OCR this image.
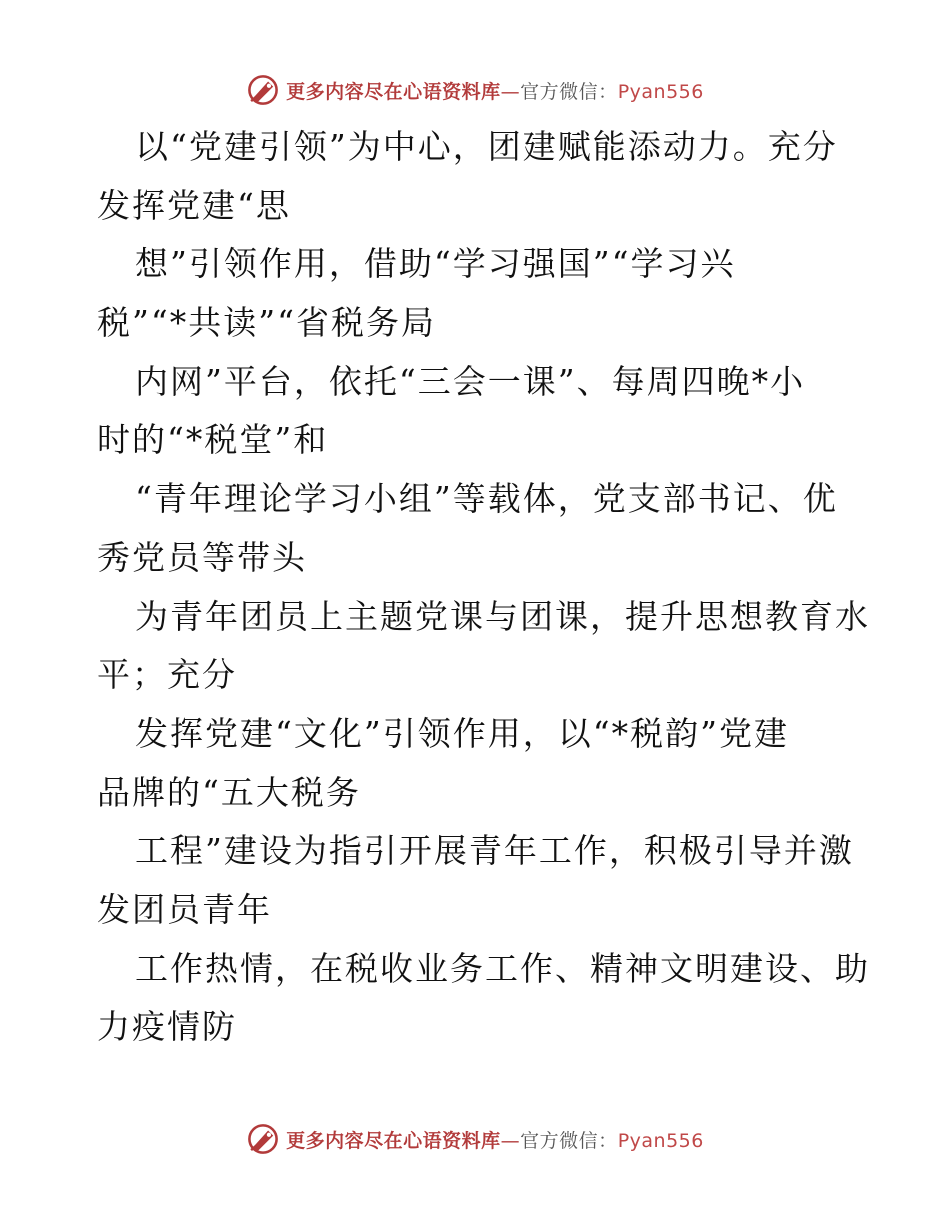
更多内容尽在心语资料库—官方微信：Pyan556
以“党建引领”为中心，团建赋能添动力。充分
发挥党建“思
想”引领作用，借助“学习强国”“学习兴
税”“*共读”“省税务局
内网”平台，依托“三会一课”、每周四晚*小
时的“*税堂”和
“青年理论学习小组”等载体，党支部书记、优
秀党员等带头
为青年团员上主题党课与团课，提升思想教育水
平；充分
发挥党建“文化”引领作用，以“*税韵”党建
品牌的“五大税务
工程”建设为指引开展青年工作，积极引导并激
发团员青年
工作热情，在税收业务工作、精神文明建设、助
力疫情防
更多内容尽在心语资料库—官方微信：Pyan556
